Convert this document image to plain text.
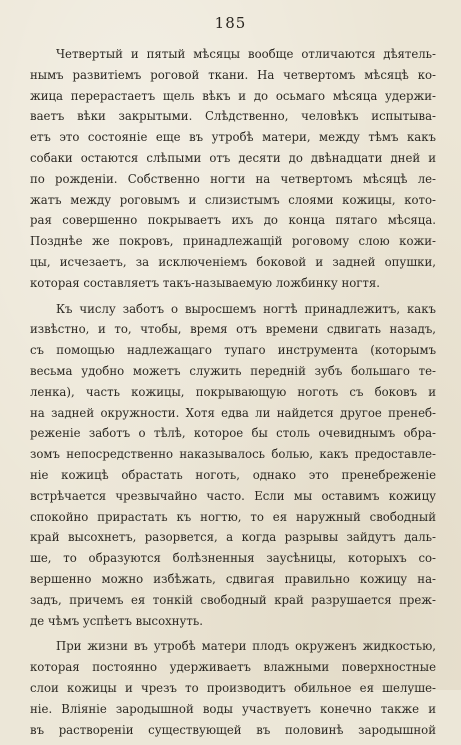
185

Четвертый и пятый мѣсяцы вообще отличаются дѣятель-
нымъ развитіемъ роговой ткани. На четвертомъ мѣсяцѣ ко-
жица перерастаетъ щель вѣкъ и до осьмаго мѣсяца удержи-
ваетъ вѣки закрытыми. Слѣдственно, человѣкъ испытыва-
етъ это состояніе еще въ утробѣ матери, между тѣмъ какъ
собаки остаются слѣпыми отъ десяти до двѣнадцати дней и
по рожденіи. Собственно ногти на четвертомъ мѣсяцѣ ле-
жатъ между роговымъ и слизистымъ слоями кожицы, кото-
рая совершенно покрываетъ ихъ до конца пятаго мѣсяца.
Позднѣе же покровъ, принадлежащій роговому слою кожи-
цы, исчезаетъ, за исключеніемъ боковой и задней опушки,
которая составляетъ такъ-называемую ложбинку ногтя.

Къ числу заботъ о выросшемъ ногтѣ принадлежитъ, какъ
извѣстно, и то, чтобы, время отъ времени сдвигать назадъ,
съ помощью надлежащаго тупаго инструмента (которымъ
весьма удобно можетъ служить передній зубъ большаго те-
ленка), часть кожицы, покрывающую ноготь съ боковъ и
на задней окружности. Хотя едва ли найдется другое пренеб-
реженіе заботъ о тѣлѣ, которое бы столь очевиднымъ обра-
зомъ непосредственно наказывалось болью, какъ предоставле-
ніе кожицѣ обрастать ноготь, однако это пренебреженіе
встрѣчается чрезвычайно часто. Если мы оставимъ кожицу
спокойно прирастать къ ногтю, то ея наружный свободный
край высохнетъ, разорвется, а когда разрывы зайдутъ даль-
ше, то образуются болѣзненныя заусѣницы, которыхъ со-
вершенно можно избѣжать, сдвигая правильно кожицу на-
задъ, причемъ ея тонкій свободный край разрушается преж-
де чѣмъ успѣетъ высохнуть.

При жизни въ утробѣ матери плодъ окруженъ жидкостью,
которая постоянно удерживаетъ влажными поверхностные
слои кожицы и чрезъ то производитъ обильное ея шелуше-
ніе. Вліяніе зародышной воды участвуетъ конечно также и
въ растворенiи существующей въ половинѣ зародышной
